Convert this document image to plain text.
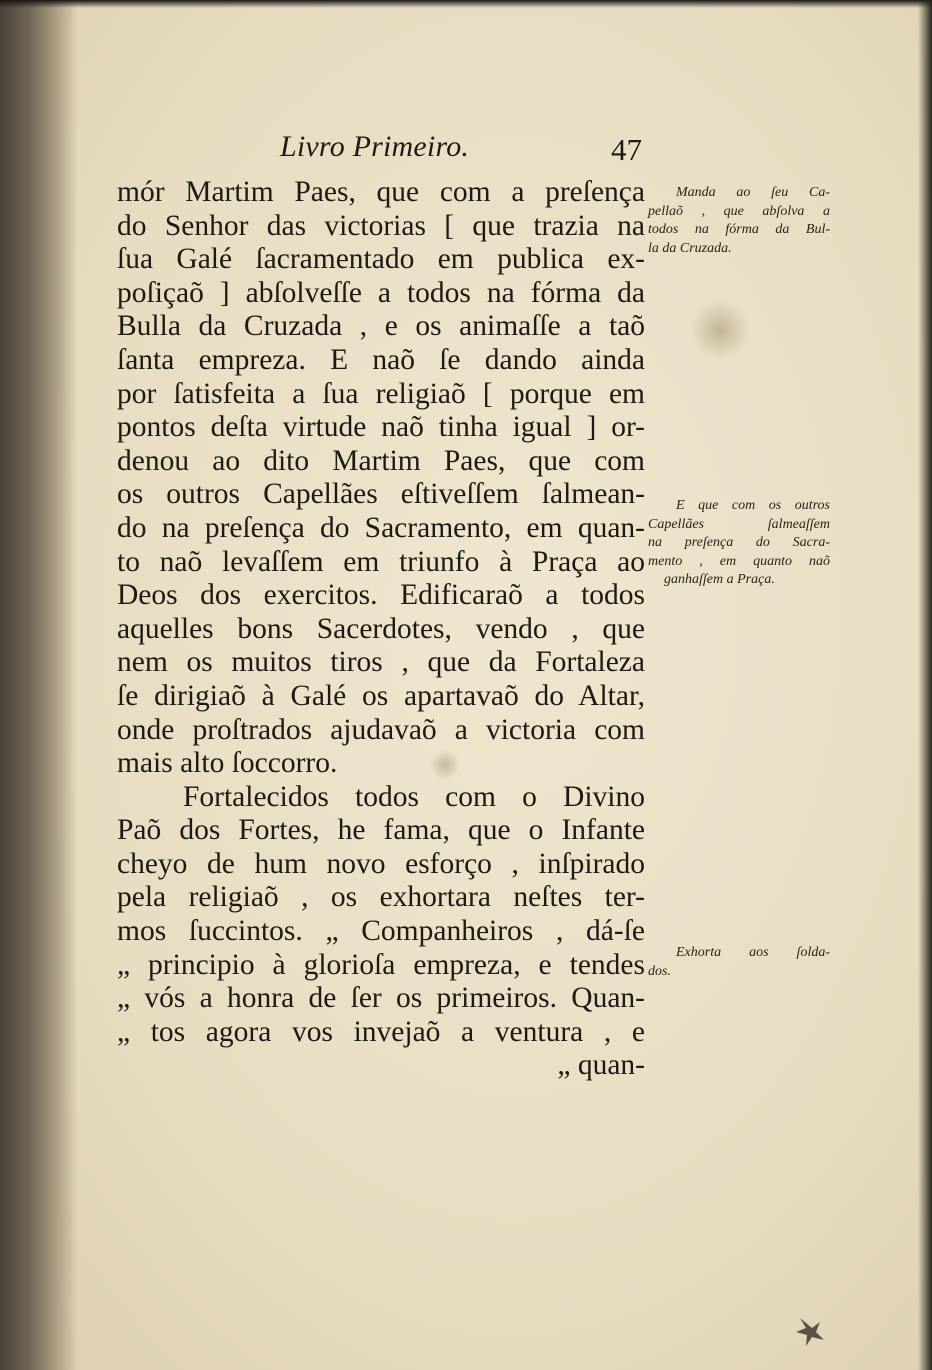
Livro Primeiro.	47
mór Martim Paes, que com a preſença
do Senhor das victorias [ que trazia na
ſua Galé ſacramentado em publica ex-
poſiçaõ ] abſolveſſe a todos na fórma da
Bulla da Cruzada , e os animaſſe a taõ
ſanta empreza. E naõ ſe dando ainda
por ſatisfeita a ſua religiaõ [ porque em
pontos deſta virtude naõ tinha igual ] or-
denou ao dito Martim Paes, que com
os outros Capellães eſtiveſſem ſalmean-
do na preſença do Sacramento, em quan-
to naõ levaſſem em triunfo à Praça ao
Deos dos exercitos. Edificaraõ a todos
aquelles bons Sacerdotes, vendo , que
nem os muitos tiros , que da Fortaleza
ſe dirigiaõ à Galé os apartavaõ do Altar,
onde proſtrados ajudavaõ a victoria com
mais alto ſoccorro.
Fortalecidos todos com o Divino
Paõ dos Fortes, he fama, que o Infante
cheyo de hum novo esforço , inſpirado
pela religiaõ , os exhortara neſtes ter-
mos ſuccintos. „ Companheiros , dá-ſe
„ principio à glorioſa empreza, e tendes
„ vós a honra de ſer os primeiros. Quan-
„ tos agora vos invejaõ a ventura , e
„ quan-
Manda ao ſeu Ca-
pellaõ , que abſolva a
todos na fórma da Bul-
la da Cruzada.
E que com os outros
Capellães ſalmeaſſem
na preſença do Sacra-
mento , em quanto naõ
ganhaſſem a Praça.
Exhorta aos ſolda-
dos.
